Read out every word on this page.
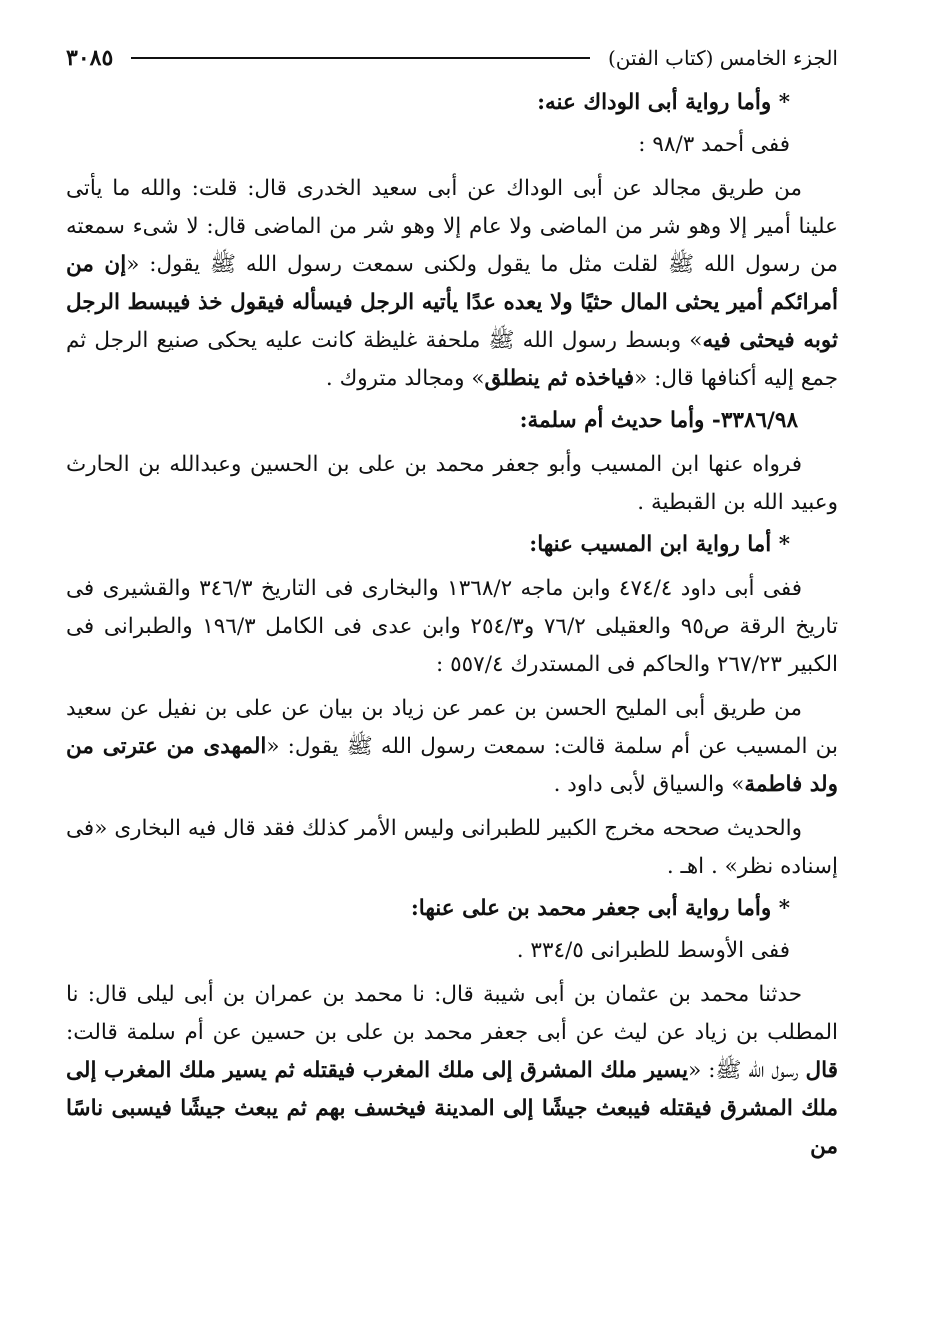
الجزء الخامس (كتاب الفتن)
٣٠٨٥

* وأما رواية أبى الوداك عنه:

ففى أحمد ٩٨/٣ :

من طريق مجالد عن أبى الوداك عن أبى سعيد الخدرى قال: قلت: والله ما يأتى علينا أمير إلا وهو شر من الماضى ولا عام إلا وهو شر من الماضى قال: لا شىء سمعته من رسول الله ﷺ لقلت مثل ما يقول ولكنى سمعت رسول الله ﷺ يقول: «إن من أمرائكم أمير يحثى المال حثيًا ولا يعده عدًا يأتيه الرجل فيسأله فيقول خذ فيبسط الرجل ثوبه فيحثى فيه» وبسط رسول الله ﷺ ملحفة غليظة كانت عليه يحكى صنيع الرجل ثم جمع إليه أكنافها قال: «فياخذه ثم ينطلق» ومجالد متروك .

٣٣٨٦/٩٨- وأما حديث أم سلمة:

فرواه عنها ابن المسيب وأبو جعفر محمد بن على بن الحسين وعبدالله بن الحارث وعبيد الله بن القبطية .

* أما رواية ابن المسيب عنها:

ففى أبى داود ٤٧٤/٤ وابن ماجه ١٣٦٨/٢ والبخارى فى التاريخ ٣٤٦/٣ والقشيرى فى تاريخ الرقة ص٩٥ والعقيلى ٧٦/٢ و٢٥٤/٣ وابن عدى فى الكامل ١٩٦/٣ والطبرانى فى الكبير ٢٦٧/٢٣ والحاكم فى المستدرك ٥٥٧/٤ :

من طريق أبى المليح الحسن بن عمر عن زياد بن بيان عن على بن نفيل عن سعيد بن المسيب عن أم سلمة قالت: سمعت رسول الله ﷺ يقول: «المهدى من عترتى من ولد فاطمة» والسياق لأبى داود .

والحديث صححه مخرج الكبير للطبرانى وليس الأمر كذلك فقد قال فيه البخارى «فى إسناده نظر» . اهـ .

* وأما رواية أبى جعفر محمد بن على عنها:

ففى الأوسط للطبرانى ٣٣٤/٥ .

حدثنا محمد بن عثمان بن أبى شيبة قال: نا محمد بن عمران بن أبى ليلى قال: نا المطلب بن زياد عن ليث عن أبى جعفر محمد بن على بن حسين عن أم سلمة قالت: قال رسول الله ﷺ: «يسير ملك المشرق إلى ملك المغرب فيقتله ثم يسير ملك المغرب إلى ملك المشرق فيقتله فيبعث جيشًا إلى المدينة فيخسف بهم ثم يبعث جيشًا فيسبى ناسًا من
